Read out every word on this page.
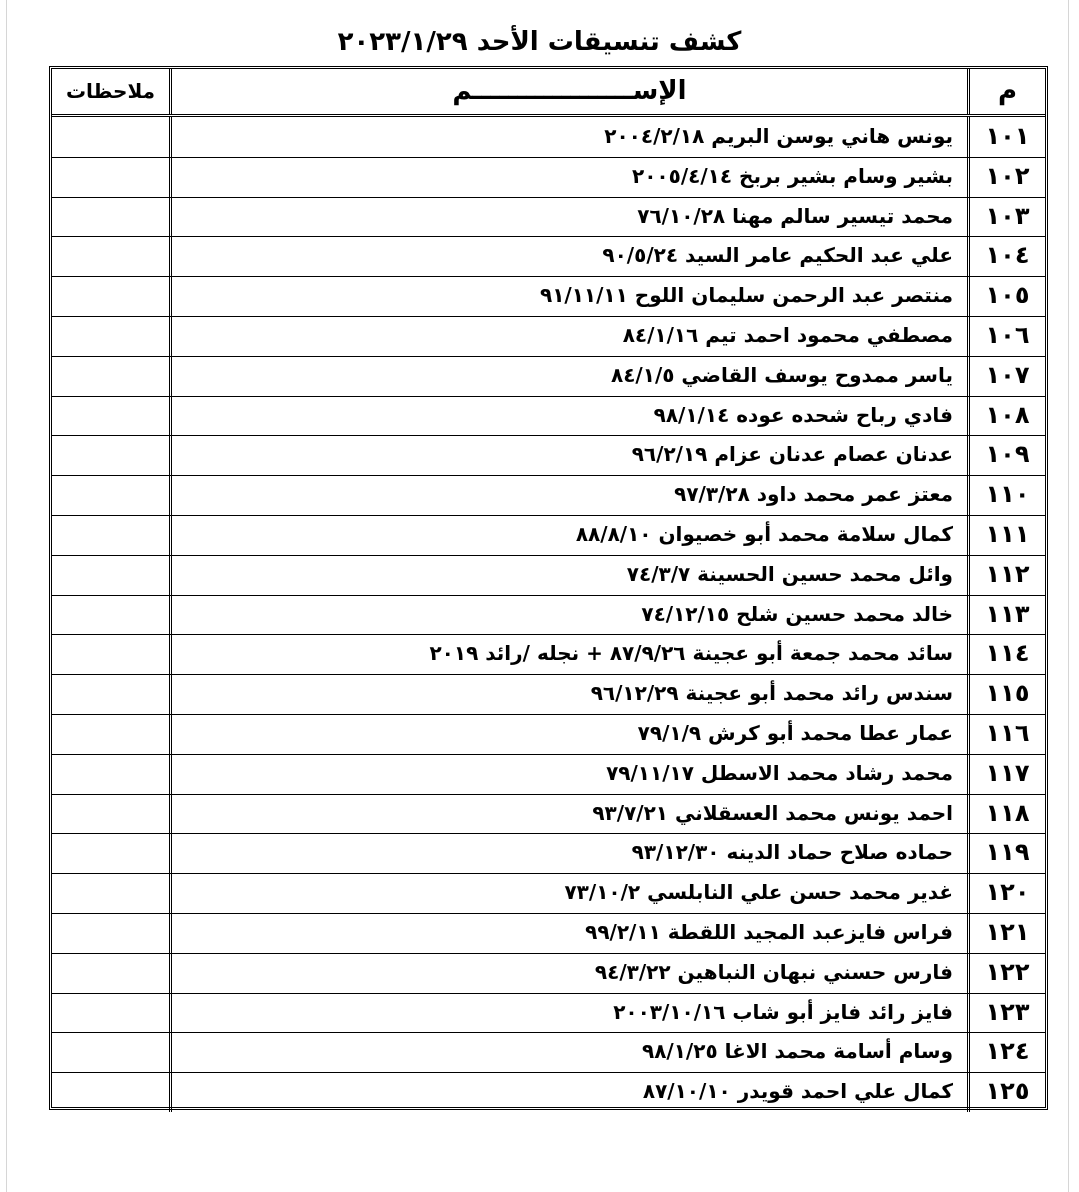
كشف تنسيقات الأحد ٢٠٢٣/١/٢٩
م
الإســــــــــــــــــم
ملاحظات
١٠١
يونس هاني يوسن البريم ٢٠٠٤/٢/١٨
١٠٢
بشير وسام بشير بربخ ٢٠٠٥/٤/١٤
١٠٣
محمد تيسير سالم مهنا ٧٦/١٠/٢٨
١٠٤
علي عبد الحكيم عامر السيد ٩٠/٥/٢٤
١٠٥
منتصر عبد الرحمن سليمان اللوح ٩١/١١/١١
١٠٦
مصطفي محمود احمد تيم ٨٤/١/١٦
١٠٧
ياسر ممدوح يوسف القاضي ٨٤/١/٥
١٠٨
فادي رباح شحده عوده ٩٨/١/١٤
١٠٩
عدنان عصام عدنان عزام ٩٦/٢/١٩
١١٠
معتز عمر محمد داود ٩٧/٣/٢٨
١١١
كمال سلامة محمد أبو خصيوان ٨٨/٨/١٠
١١٢
وائل محمد حسين الحسينة ٧٤/٣/٧
١١٣
خالد محمد حسين شلح ٧٤/١٢/١٥
١١٤
سائد محمد جمعة أبو عجينة ٨٧/٩/٢٦ + نجله /رائد ٢٠١٩
١١٥
سندس رائد محمد أبو عجينة ٩٦/١٢/٢٩
١١٦
عمار عطا محمد أبو كرش ٧٩/١/٩
١١٧
محمد رشاد محمد الاسطل ٧٩/١١/١٧
١١٨
احمد يونس محمد العسقلاني ٩٣/٧/٢١
١١٩
حماده صلاح حماد الدينه ٩٣/١٢/٣٠
١٢٠
غدير محمد حسن علي النابلسي ٧٣/١٠/٢
١٢١
فراس فايزعبد المجيد اللقطة ٩٩/٢/١١
١٢٢
فارس حسني نبهان النباهين ٩٤/٣/٢٢
١٢٣
فايز رائد فايز أبو شاب ٢٠٠٣/١٠/١٦
١٢٤
وسام أسامة محمد الاغا ٩٨/١/٢٥
١٢٥
كمال علي احمد قويدر ٨٧/١٠/١٠
